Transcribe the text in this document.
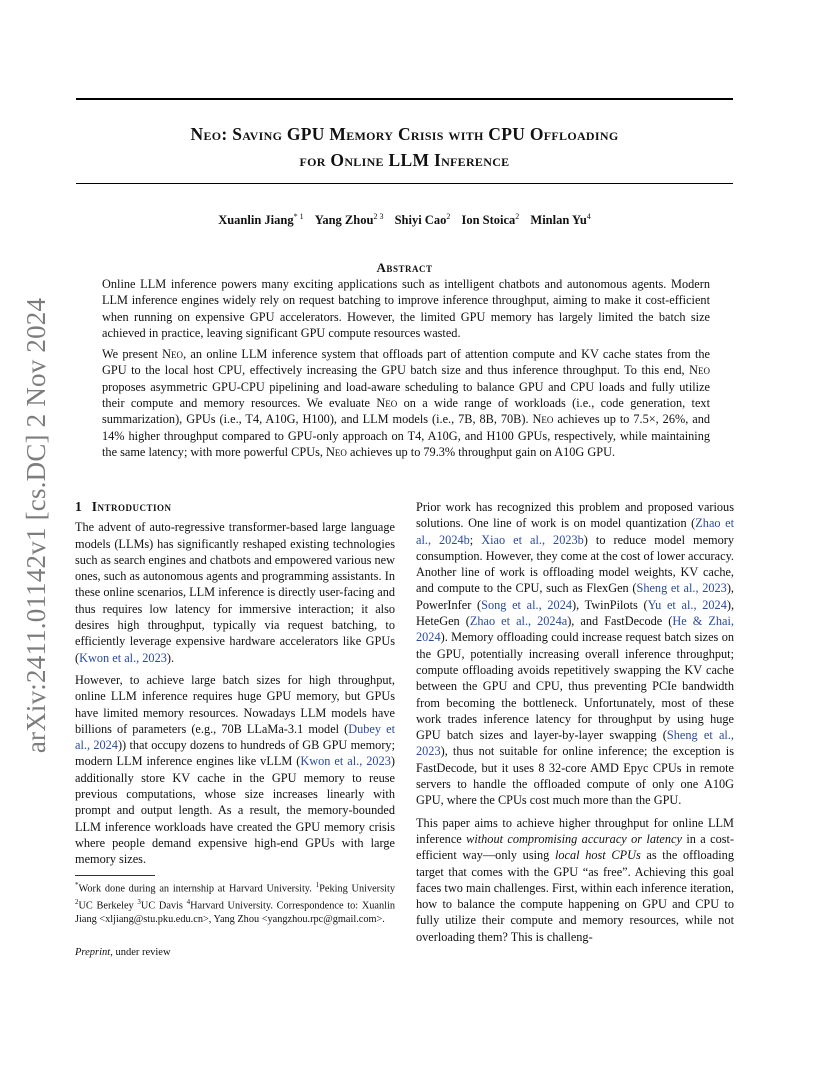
arXiv:2411.01142v1 [cs.DC] 2 Nov 2024
Neo: Saving GPU Memory Crisis with CPU Offloading
for Online LLM Inference
Xuanlin Jiang$^{* 1}$ Yang Zhou$^{2 3}$ Shiyi Cao$^2$ Ion Stoica$^2$ Minlan Yu$^4$
Abstract

Online LLM inference powers many exciting applications such as intelligent chatbots and autonomous agents. Modern LLM inference engines widely rely on request batching to improve inference throughput, aiming to make it cost-efficient when running on expensive GPU accelerators. However, the limited GPU memory has largely limited the batch size achieved in practice, leaving significant GPU compute resources wasted.

We present Neo, an online LLM inference system that offloads part of attention compute and KV cache states from the GPU to the local host CPU, effectively increasing the GPU batch size and thus inference throughput. To this end, Neo proposes asymmetric GPU-CPU pipelining and load-aware scheduling to balance GPU and CPU loads and fully utilize their compute and memory resources. We evaluate Neo on a wide range of workloads (i.e., code generation, text summarization), GPUs (i.e., T4, A10G, H100), and LLM models (i.e., 7B, 8B, 70B). Neo achieves up to 7.5×, 26%, and 14% higher throughput compared to GPU-only approach on T4, A10G, and H100 GPUs, respectively, while maintaining the same latency; with more powerful CPUs, Neo achieves up to 79.3% throughput gain on A10G GPU.

1 Introduction

The advent of auto-regressive transformer-based large language models (LLMs) has significantly reshaped existing technologies such as search engines and chatbots and empowered various new ones, such as autonomous agents and programming assistants. In these online scenarios, LLM inference is directly user-facing and thus requires low latency for immersive interaction; it also desires high throughput, typically via request batching, to efficiently leverage expensive hardware accelerators like GPUs (Kwon et al., 2023).

However, to achieve large batch sizes for high throughput, online LLM inference requires huge GPU memory, but GPUs have limited memory resources. Nowadays LLM models have billions of parameters (e.g., 70B LLaMa-3.1 model (Dubey et al., 2024)) that occupy dozens to hundreds of GB GPU memory; modern LLM inference engines like vLLM (Kwon et al., 2023) additionally store KV cache in the GPU memory to reuse previous computations, whose size increases linearly with prompt and output length. As a result, the memory-bounded LLM inference workloads have created the GPU memory crisis where people demand expensive high-end GPUs with large memory sizes.

Prior work has recognized this problem and proposed various solutions. One line of work is on model quantization (Zhao et al., 2024b; Xiao et al., 2023b) to reduce model memory consumption. However, they come at the cost of lower accuracy. Another line of work is offloading model weights, KV cache, and compute to the CPU, such as FlexGen (Sheng et al., 2023), PowerInfer (Song et al., 2024), TwinPilots (Yu et al., 2024), HeteGen (Zhao et al., 2024a), and FastDecode (He & Zhai, 2024). Memory offloading could increase request batch sizes on the GPU, potentially increasing overall inference throughput; compute offloading avoids repetitively swapping the KV cache between the GPU and CPU, thus preventing PCIe bandwidth from becoming the bottleneck. Unfortunately, most of these work trades inference latency for throughput by using huge GPU batch sizes and layer-by-layer swapping (Sheng et al., 2023), thus not suitable for online inference; the exception is FastDecode, but it uses 8 32-core AMD Epyc CPUs in remote servers to handle the offloaded compute of only one A10G GPU, where the CPUs cost much more than the GPU.

This paper aims to achieve higher throughput for online LLM inference without compromising accuracy or latency in a cost-efficient way—only using local host CPUs as the offloading target that comes with the GPU “as free”. Achieving this goal faces two main challenges. First, within each inference iteration, how to balance the compute happening on GPU and CPU to fully utilize their compute and memory resources, while not overloading them? This is challeng-

*Work done during an internship at Harvard University. $^1$Peking University $^2$UC Berkeley $^3$UC Davis $^4$Harvard University. Correspondence to: Xuanlin Jiang <xljiang@stu.pku.edu.cn>, Yang Zhou <yangzhou.rpc@gmail.com>.
Preprint, under review
